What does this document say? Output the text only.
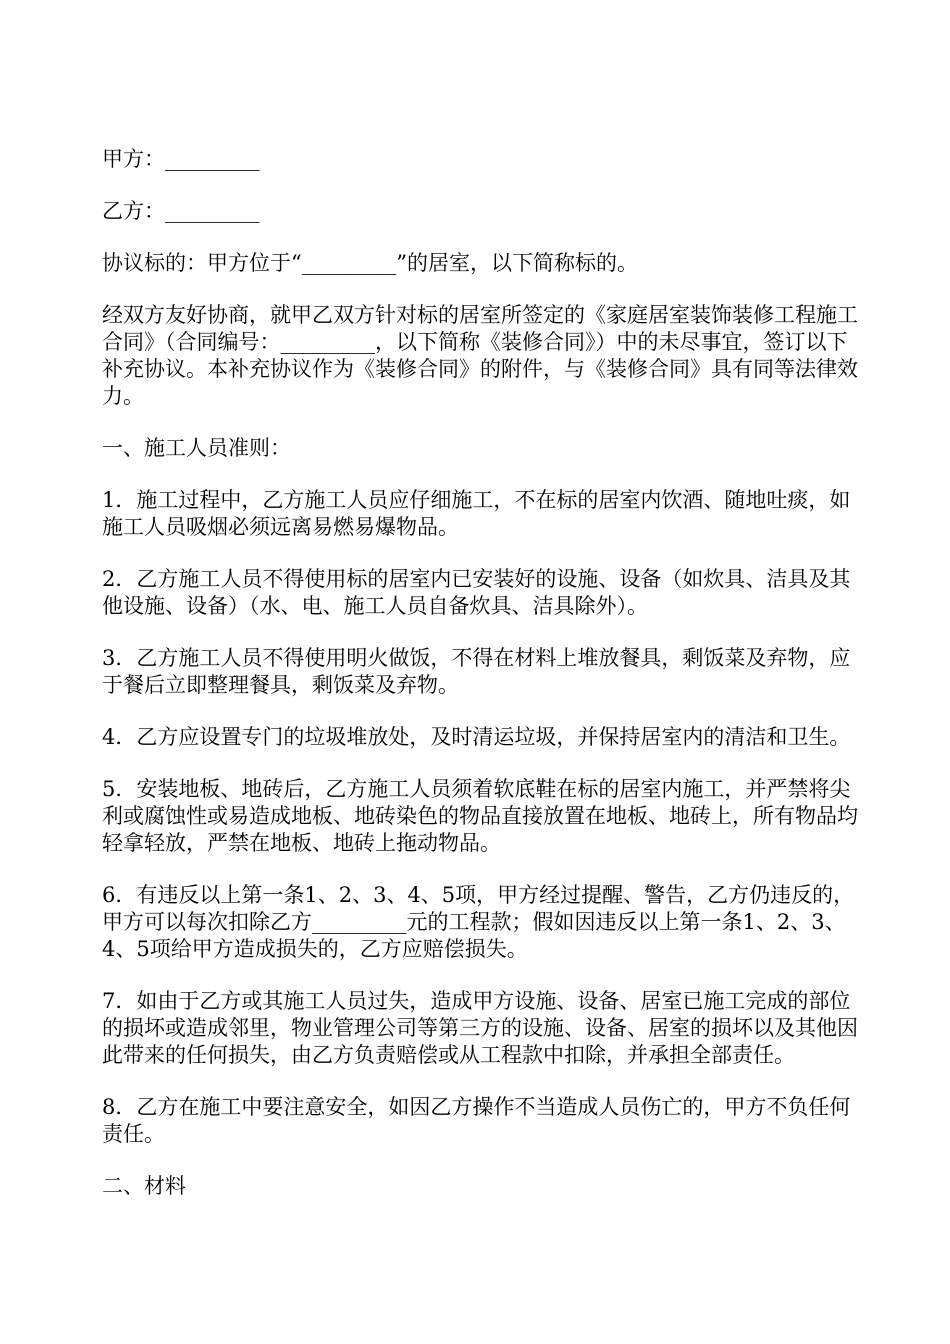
甲方：_________

乙方：_________

协议标的：甲方位于“_________”的居室，以下简称标的。

经双方友好协商，就甲乙双方针对标的居室所签定的《家庭居室装饰装修工程施工合同》（合同编号：_________，以下简称《装修合同》）中的未尽事宜，签订以下补充协议。本补充协议作为《装修合同》的附件，与《装修合同》具有同等法律效力。

一、施工人员准则：

1．施工过程中，乙方施工人员应仔细施工，不在标的居室内饮酒、随地吐痰，如施工人员吸烟必须远离易燃易爆物品。

2．乙方施工人员不得使用标的居室内已安装好的设施、设备（如炊具、洁具及其他设施、设备）（水、电、施工人员自备炊具、洁具除外）。

3．乙方施工人员不得使用明火做饭，不得在材料上堆放餐具，剩饭菜及弃物，应于餐后立即整理餐具，剩饭菜及弃物。

4．乙方应设置专门的垃圾堆放处，及时清运垃圾，并保持居室内的清洁和卫生。

5．安装地板、地砖后，乙方施工人员须着软底鞋在标的居室内施工，并严禁将尖利或腐蚀性或易造成地板、地砖染色的物品直接放置在地板、地砖上，所有物品均轻拿轻放，严禁在地板、地砖上拖动物品。

6．有违反以上第一条1、2、3、4、5项，甲方经过提醒、警告，乙方仍违反的，甲方可以每次扣除乙方_________元的工程款；假如因违反以上第一条1、2、3、4、5项给甲方造成损失的，乙方应赔偿损失。

7．如由于乙方或其施工人员过失，造成甲方设施、设备、居室已施工完成的部位的损坏或造成邻里，物业管理公司等第三方的设施、设备、居室的损坏以及其他因此带来的任何损失，由乙方负责赔偿或从工程款中扣除，并承担全部责任。

8．乙方在施工中要注意安全，如因乙方操作不当造成人员伤亡的，甲方不负任何责任。

二、材料
